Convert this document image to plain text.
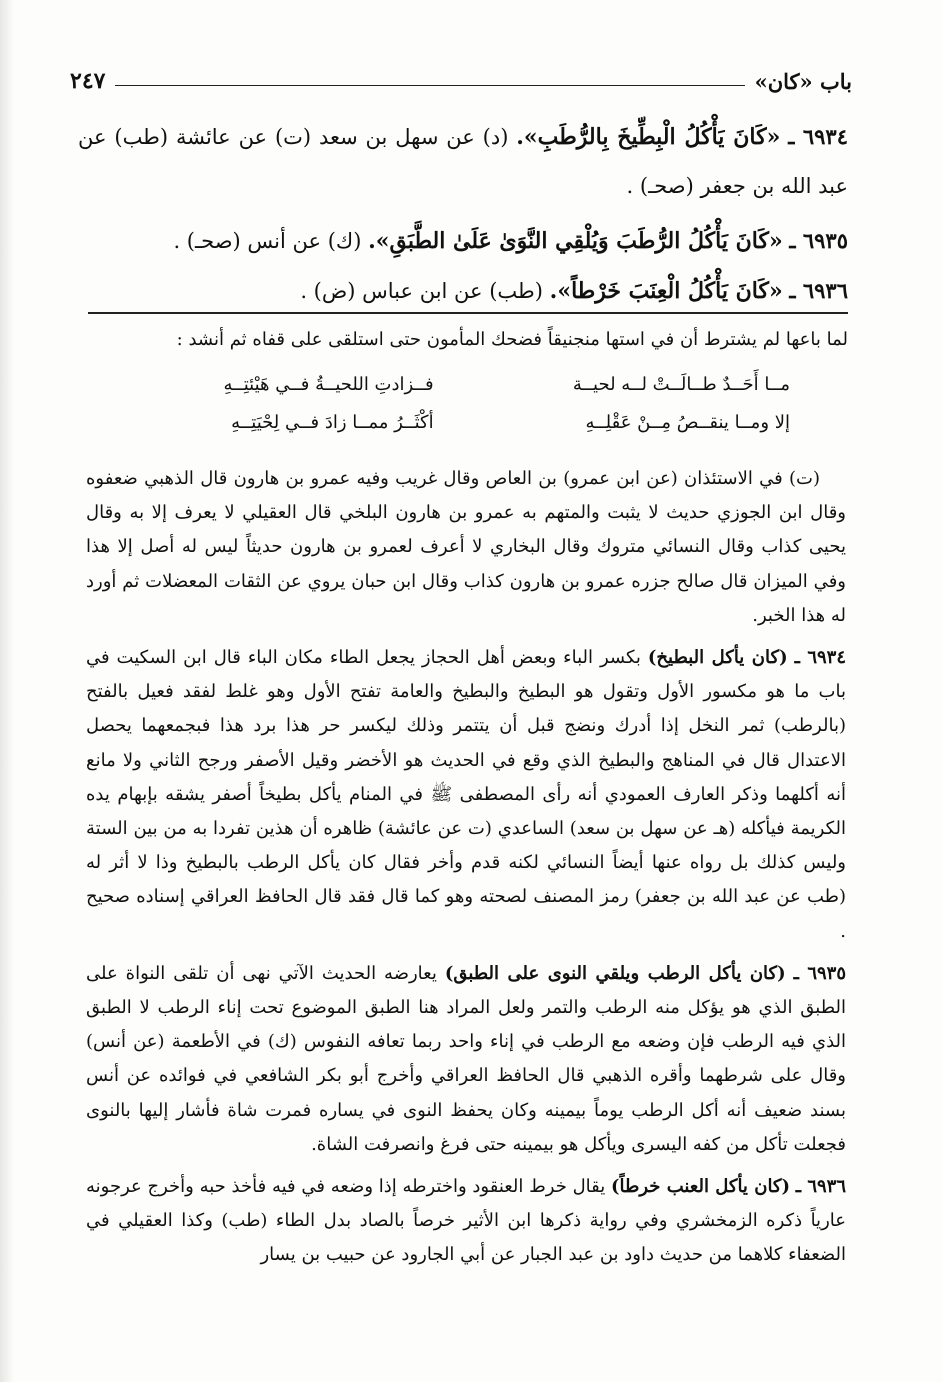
باب «كان»
٢٤٧

٦٩٣٤ ـ «كَانَ يَأْكُلُ الْبِطِّيخَ بِالرُّطَبِ». (د) عن سهل بن سعد (ت) عن عائشة (طب) عن عبد الله بن جعفر (صحـ) .

٦٩٣٥ ـ «كَانَ يَأْكُلُ الرُّطَبَ وَيُلْقِي النَّوَىٰ عَلَىٰ الطَّبَقِ». (ك) عن أنس (صحـ) .

٦٩٣٦ ـ «كَانَ يَأْكُلُ الْعِنَبَ خَرْطاً». (طب) عن ابن عباس (ض) .

لما باعها لم يشترط أن في استها منجنيقاً فضحك المأمون حتى استلقى على قفاه ثم أنشد :
مــا أَحَــدٌ طــالَــتْ لــه لحيــة
فــزادتِ اللحيــةُ فــي هَيْئتِــهِ
إلا ومــا ينقــصُ مِــنْ عَقْلِــهِ
أكْثَــرُ ممــا زادَ فــي لِحْيَتِــهِ

(ت) في الاستئذان (عن ابن عمرو) بن العاص وقال غريب وفيه عمرو بن هارون قال الذهبي ضعفوه وقال ابن الجوزي حديث لا يثبت والمتهم به عمرو بن هارون البلخي قال العقيلي لا يعرف إلا به وقال يحيى كذاب وقال النسائي متروك وقال البخاري لا أعرف لعمرو بن هارون حديثاً ليس له أصل إلا هذا وفي الميزان قال صالح جزره عمرو بن هارون كذاب وقال ابن حبان يروي عن الثقات المعضلات ثم أورد له هذا الخبر.

٦٩٣٤ ـ (كان يأكل البطيخ) بكسر الباء وبعض أهل الحجاز يجعل الطاء مكان الباء قال ابن السكيت في باب ما هو مكسور الأول وتقول هو البطيخ والبطيخ والعامة تفتح الأول وهو غلط لفقد فعيل بالفتح (بالرطب) ثمر النخل إذا أدرك ونضج قبل أن يتتمر وذلك ليكسر حر هذا برد هذا فبجمعهما يحصل الاعتدال قال في المناهج والبطيخ الذي وقع في الحديث هو الأخضر وقيل الأصفر ورجح الثاني ولا مانع أنه أكلهما وذكر العارف العمودي أنه رأى المصطفى ﷺ في المنام يأكل بطيخاً أصفر يشقه بإبهام يده الكريمة فيأكله (هـ عن سهل بن سعد) الساعدي (ت عن عائشة) ظاهره أن هذين تفردا به من بين الستة وليس كذلك بل رواه عنها أيضاً النسائي لكنه قدم وأخر فقال كان يأكل الرطب بالبطيخ وذا لا أثر له (طب عن عبد الله بن جعفر) رمز المصنف لصحته وهو كما قال فقد قال الحافظ العراقي إسناده صحيح .

٦٩٣٥ ـ (كان يأكل الرطب ويلقي النوى على الطبق) يعارضه الحديث الآتي نهى أن تلقى النواة على الطبق الذي هو يؤكل منه الرطب والتمر ولعل المراد هنا الطبق الموضوع تحت إناء الرطب لا الطبق الذي فيه الرطب فإن وضعه مع الرطب في إناء واحد ربما تعافه النفوس (ك) في الأطعمة (عن أنس) وقال على شرطهما وأقره الذهبي قال الحافظ العراقي وأخرج أبو بكر الشافعي في فوائده عن أنس بسند ضعيف أنه أكل الرطب يوماً بيمينه وكان يحفظ النوى في يساره فمرت شاة فأشار إليها بالنوى فجعلت تأكل من كفه اليسرى ويأكل هو بيمينه حتى فرغ وانصرفت الشاة.

٦٩٣٦ ـ (كان يأكل العنب خرطاً) يقال خرط العنقود واخترطه إذا وضعه في فيه فأخذ حبه وأخرج عرجونه عارياً ذكره الزمخشري وفي رواية ذكرها ابن الأثير خرصاً بالصاد بدل الطاء (طب) وكذا العقيلي في الضعفاء كلاهما من حديث داود بن عبد الجبار عن أبي الجارود عن حبيب بن يسار
